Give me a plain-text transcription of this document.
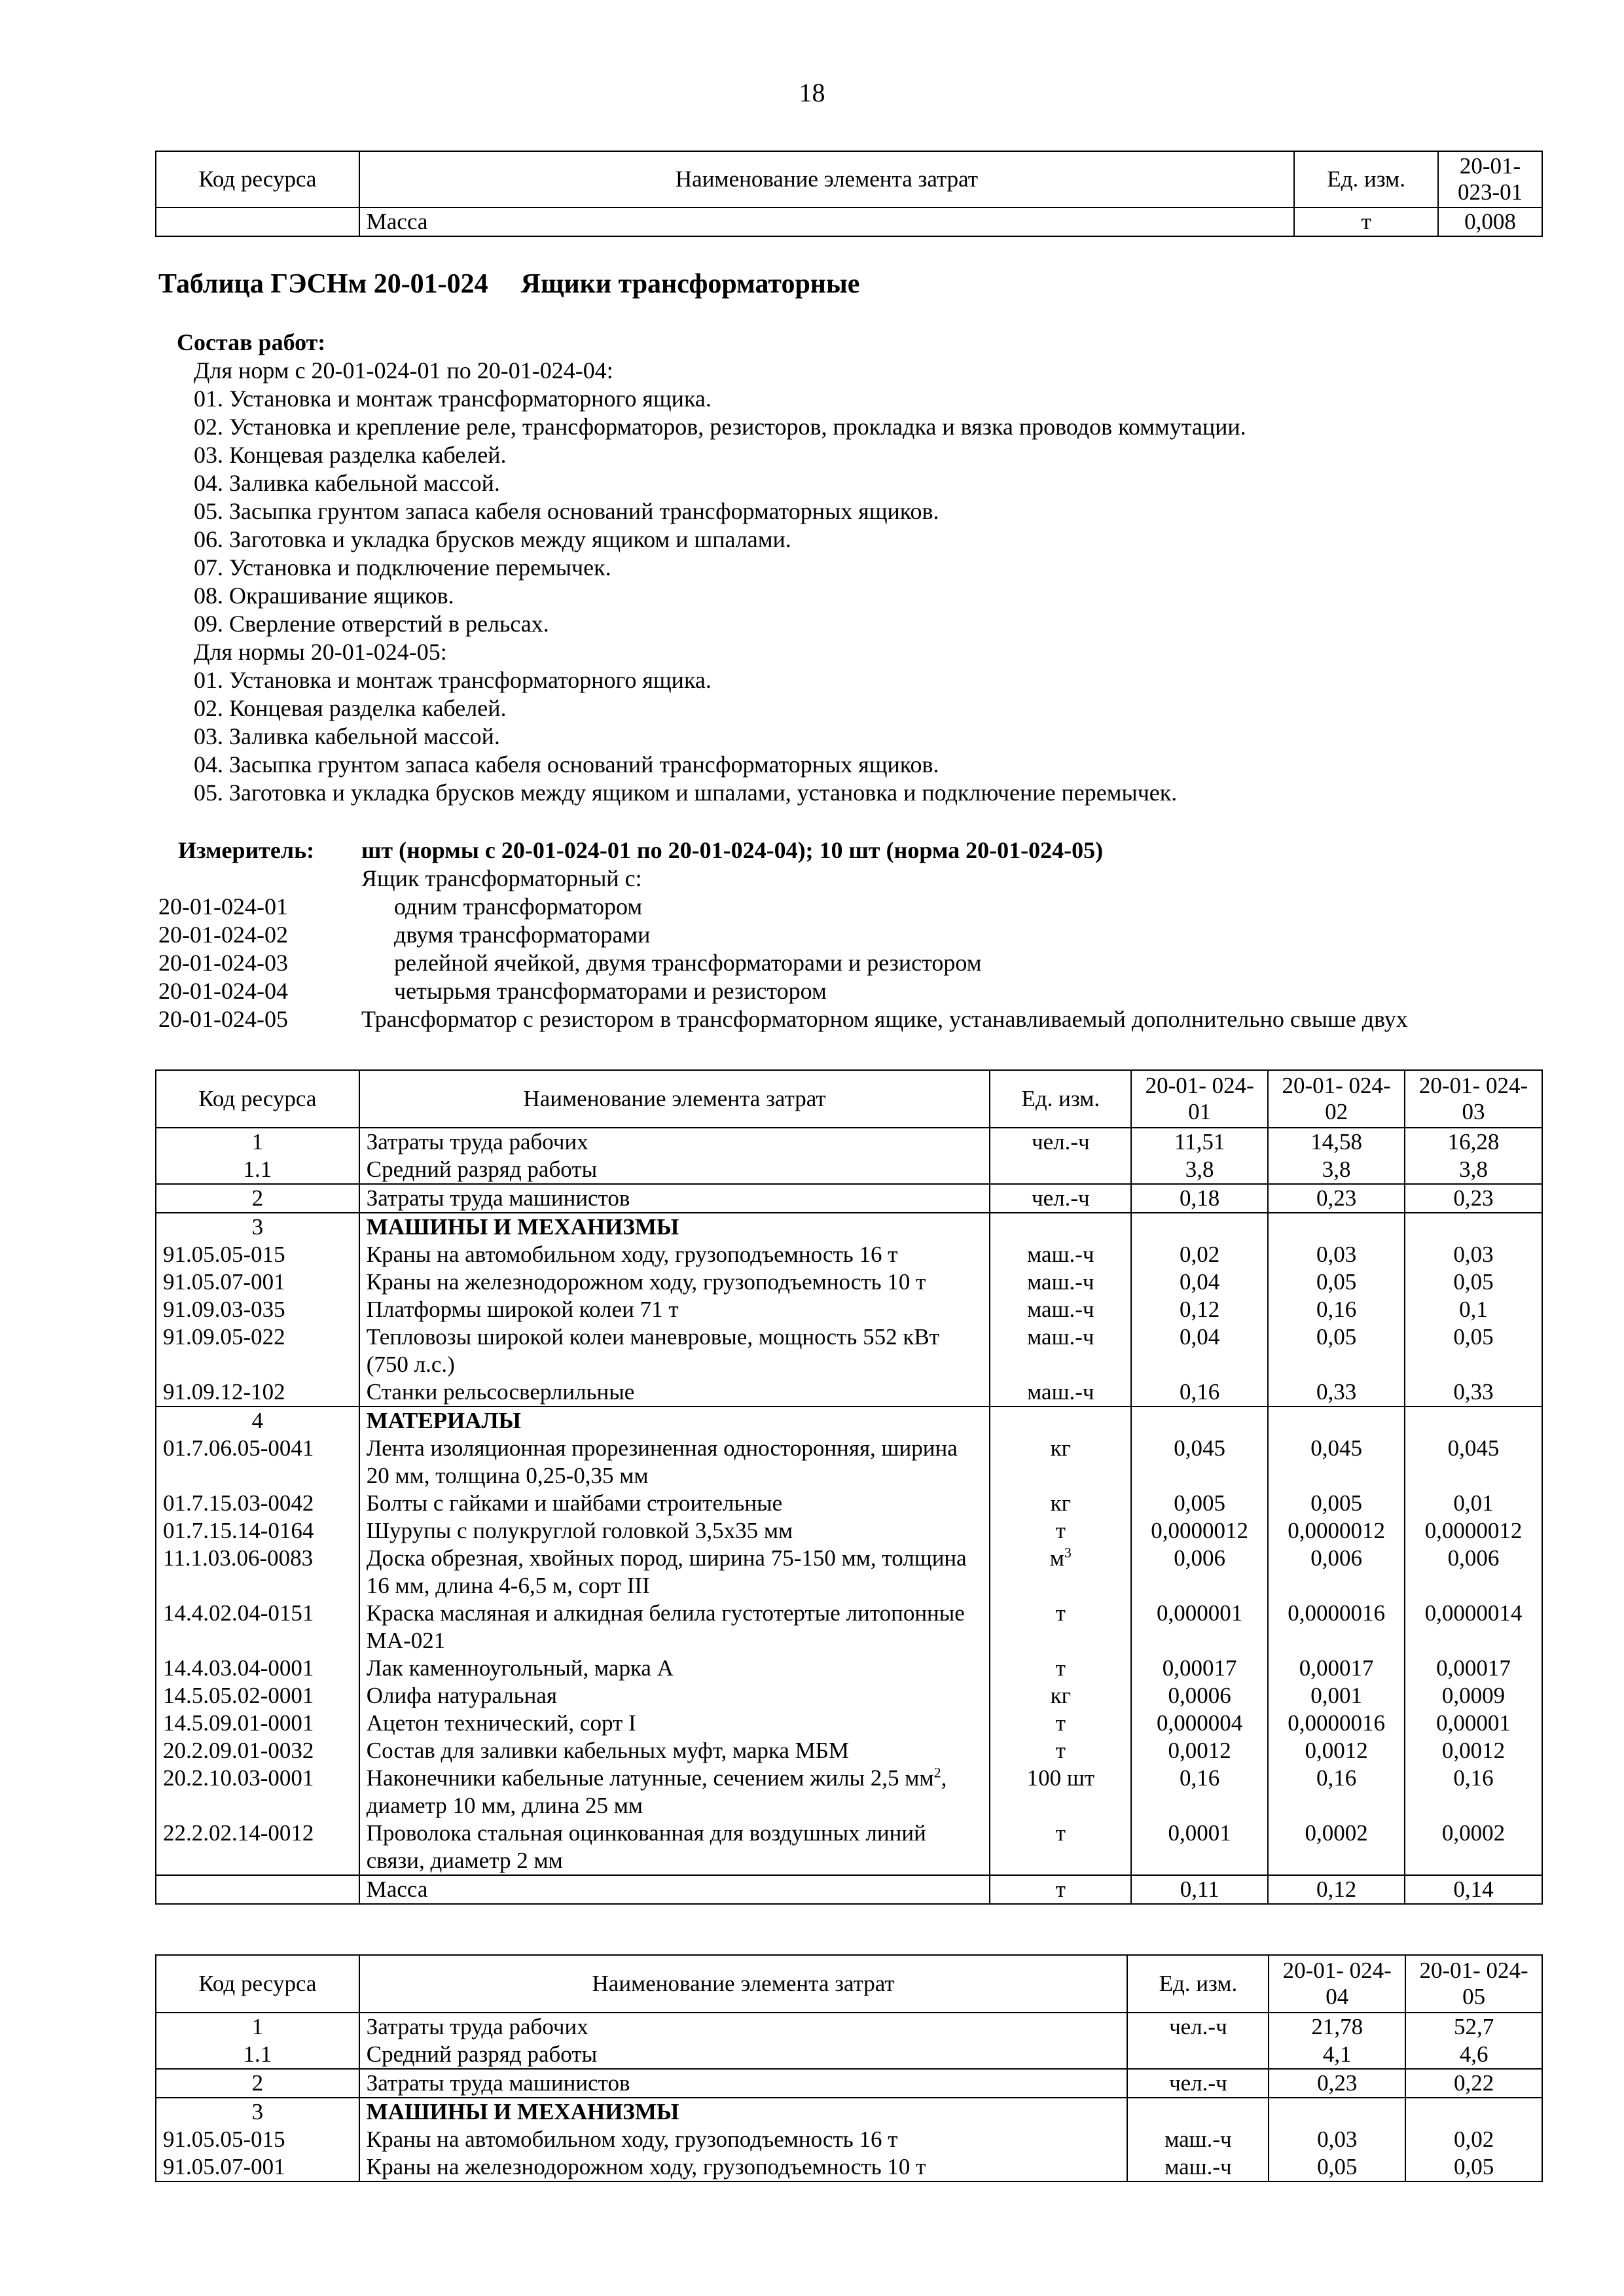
18
Код ресурса	Наименование элемента затрат	Ед. изм.	20-01-023-01
	Масса	т	0,008
Таблица ГЭСНм 20-01-024 Ящики трансформаторные
Состав работ:
Для норм с 20-01-024-01 по 20-01-024-04:
01. Установка и монтаж трансформаторного ящика.
02. Установка и крепление реле, трансформаторов, резисторов, прокладка и вязка проводов коммутации.
03. Концевая разделка кабелей.
04. Заливка кабельной массой.
05. Засыпка грунтом запаса кабеля оснований трансформаторных ящиков.
06. Заготовка и укладка брусков между ящиком и шпалами.
07. Установка и подключение перемычек.
08. Окрашивание ящиков.
09. Сверление отверстий в рельсах.
Для нормы 20-01-024-05:
01. Установка и монтаж трансформаторного ящика.
02. Концевая разделка кабелей.
03. Заливка кабельной массой.
04. Засыпка грунтом запаса кабеля оснований трансформаторных ящиков.
05. Заготовка и укладка брусков между ящиком и шпалами, установка и подключение перемычек.
Измеритель: шт (нормы с 20-01-024-01 по 20-01-024-04); 10 шт (норма 20-01-024-05)
Ящик трансформаторный с:
20-01-024-01	одним трансформатором
20-01-024-02	двумя трансформаторами
20-01-024-03	релейной ячейкой, двумя трансформаторами и резистором
20-01-024-04	четырьмя трансформаторами и резистором
20-01-024-05	Трансформатор с резистором в трансформаторном ящике, устанавливаемый дополнительно свыше двух
Код ресурса	Наименование элемента затрат	Ед. изм.	20-01- 024-01	20-01- 024-02	20-01- 024-03
1	Затраты труда рабочих	чел.-ч	11,51	14,58	16,28
1.1	Средний разряд работы		3,8	3,8	3,8
2	Затраты труда машинистов	чел.-ч	0,18	0,23	0,23
3	МАШИНЫ И МЕХАНИЗМЫ				
91.05.05-015	Краны на автомобильном ходу, грузоподъемность 16 т	маш.-ч	0,02	0,03	0,03
91.05.07-001	Краны на железнодорожном ходу, грузоподъемность 10 т	маш.-ч	0,04	0,05	0,05
91.09.03-035	Платформы широкой колеи 71 т	маш.-ч	0,12	0,16	0,1
91.09.05-022	Тепловозы широкой колеи маневровые, мощность 552 кВт (750 л.с.)	маш.-ч	0,04	0,05	0,05
91.09.12-102	Станки рельсосверлильные	маш.-ч	0,16	0,33	0,33
4	МАТЕРИАЛЫ				
01.7.06.05-0041	Лента изоляционная прорезиненная односторонняя, ширина 20 мм, толщина 0,25-0,35 мм	кг	0,045	0,045	0,045
01.7.15.03-0042	Болты с гайками и шайбами строительные	кг	0,005	0,005	0,01
01.7.15.14-0164	Шурупы с полукруглой головкой 3,5х35 мм	т	0,0000012	0,0000012	0,0000012
11.1.03.06-0083	Доска обрезная, хвойных пород, ширина 75-150 мм, толщина 16 мм, длина 4-6,5 м, сорт III	$м^3$	0,006	0,006	0,006
14.4.02.04-0151	Краска масляная и алкидная белила густотертые литопонные МА-021	т	0,000001	0,0000016	0,0000014
14.4.03.04-0001	Лак каменноугольный, марка А	т	0,00017	0,00017	0,00017
14.5.05.02-0001	Олифа натуральная	кг	0,0006	0,001	0,0009
14.5.09.01-0001	Ацетон технический, сорт I	т	0,000004	0,0000016	0,00001
20.2.09.01-0032	Состав для заливки кабельных муфт, марка МБМ	т	0,0012	0,0012	0,0012
20.2.10.03-0001	Наконечники кабельные латунные, сечением жилы 2,5 $мм^2$, диаметр 10 мм, длина 25 мм	100 шт	0,16	0,16	0,16
22.2.02.14-0012	Проволока стальная оцинкованная для воздушных линий связи, диаметр 2 мм	т	0,0001	0,0002	0,0002
	Масса	т	0,11	0,12	0,14
Код ресурса	Наименование элемента затрат	Ед. изм.	20-01- 024-04	20-01- 024-05
1	Затраты труда рабочих	чел.-ч	21,78	52,7
1.1	Средний разряд работы		4,1	4,6
2	Затраты труда машинистов	чел.-ч	0,23	0,22
3	МАШИНЫ И МЕХАНИЗМЫ			
91.05.05-015	Краны на автомобильном ходу, грузоподъемность 16 т	маш.-ч	0,03	0,02
91.05.07-001	Краны на железнодорожном ходу, грузоподъемность 10 т	маш.-ч	0,05	0,05
